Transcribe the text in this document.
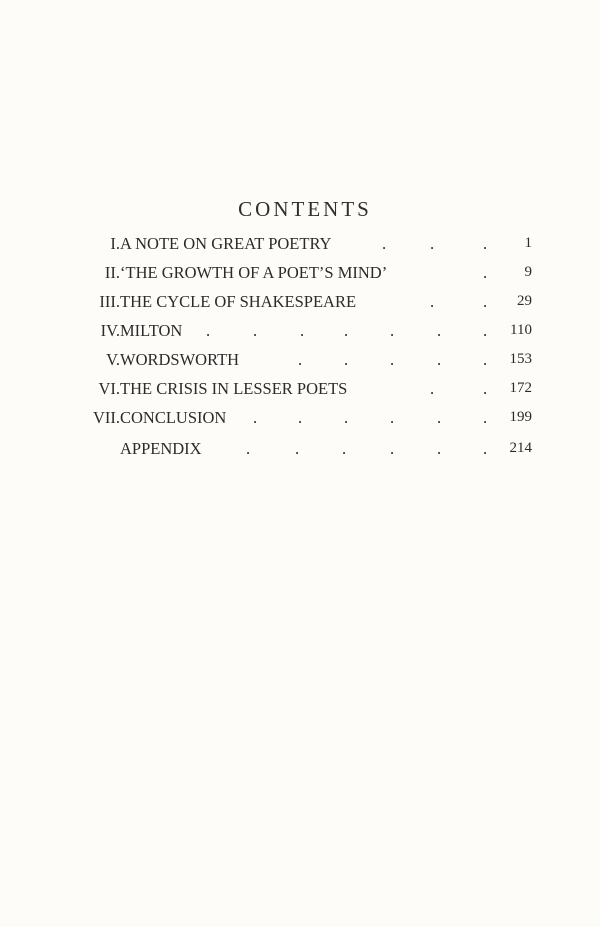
CONTENTS
I. A NOTE ON GREAT POETRY	.	.	. 1
II. ‘THE GROWTH OF A POET’S MIND’	. 9
III. THE CYCLE OF SHAKESPEARE	.	. 29
IV. MILTON .	.	. .	.	.	. 110
V. WORDSWORTH	.	.	.	.	. 153
VI. THE CRISIS IN LESSER POETS	.	. 172
VII. CONCLUSION . .	.	.	.	. 199
APPENDIX	.	.	.	.	.	. 214
